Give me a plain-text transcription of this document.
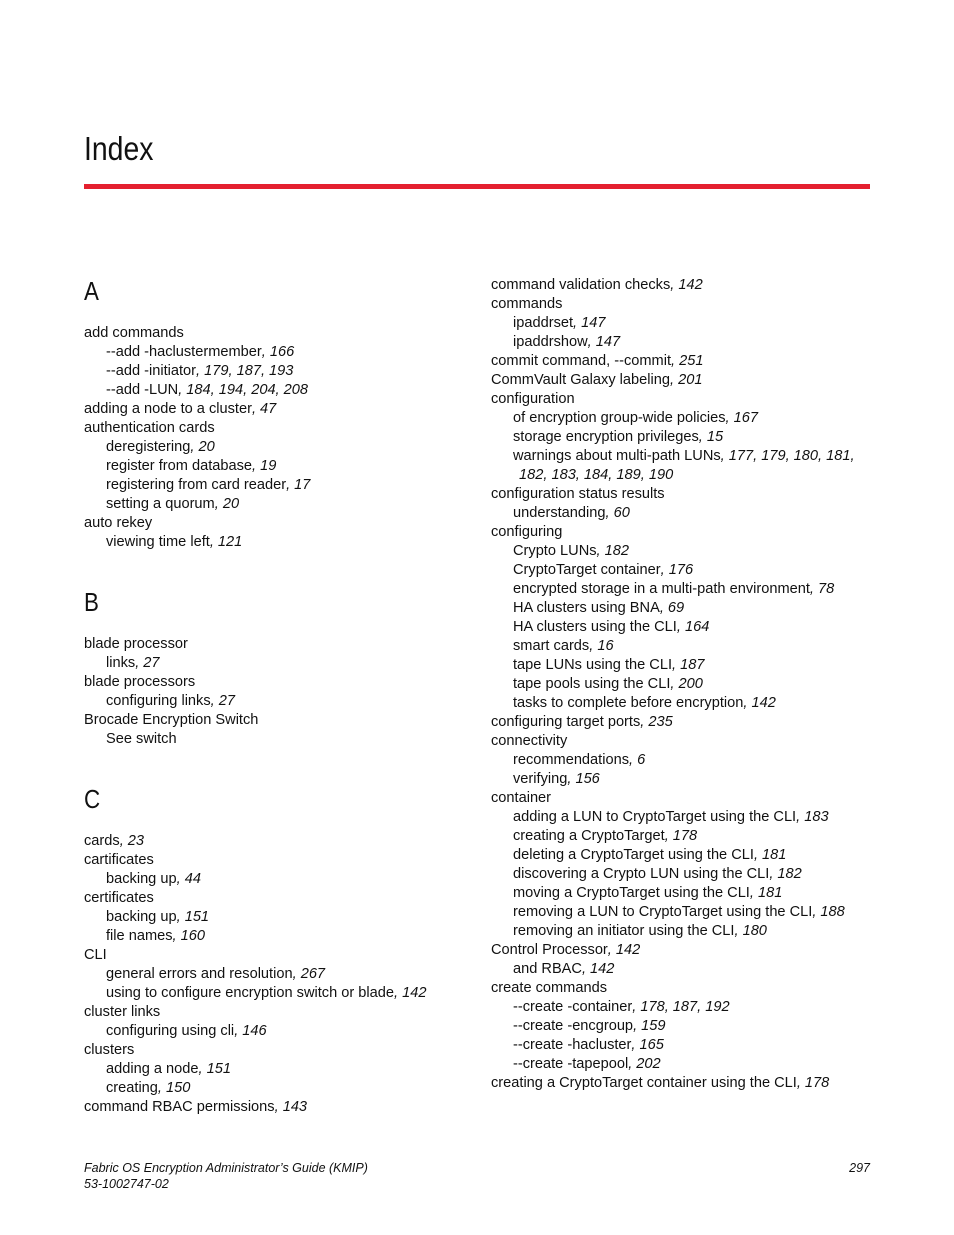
Index
A
add commands
--add -haclustermember, 166
--add -initiator, 179, 187, 193
--add -LUN, 184, 194, 204, 208
adding a node to a cluster, 47
authentication cards
deregistering, 20
register from database, 19
registering from card reader, 17
setting a quorum, 20
auto rekey
viewing time left, 121
B
blade processor
links, 27
blade processors
configuring links, 27
Brocade Encryption Switch
See switch
C
cards, 23
cartificates
backing up, 44
certificates
backing up, 151
file names, 160
CLI
general errors and resolution, 267
using to configure encryption switch or blade, 142
cluster links
configuring using cli, 146
clusters
adding a node, 151
creating, 150
command RBAC permissions, 143
command validation checks, 142
commands
ipaddrset, 147
ipaddrshow, 147
commit command, --commit, 251
CommVault Galaxy labeling, 201
configuration
of encryption group-wide policies, 167
storage encryption privileges, 15
warnings about multi-path LUNs, 177, 179, 180, 181,
182, 183, 184, 189, 190
configuration status results
understanding, 60
configuring
Crypto LUNs, 182
CryptoTarget container, 176
encrypted storage in a multi-path environment, 78
HA clusters using BNA, 69
HA clusters using the CLI, 164
smart cards, 16
tape LUNs using the CLI, 187
tape pools using the CLI, 200
tasks to complete before encryption, 142
configuring target ports, 235
connectivity
recommendations, 6
verifying, 156
container
adding a LUN to CryptoTarget using the CLI, 183
creating a CryptoTarget, 178
deleting a CryptoTarget using the CLI, 181
discovering a Crypto LUN using the CLI, 182
moving a CryptoTarget using the CLI, 181
removing a LUN to CryptoTarget using the CLI, 188
removing an initiator using the CLI, 180
Control Processor, 142
and RBAC, 142
create commands
--create -container, 178, 187, 192
--create -encgroup, 159
--create -hacluster, 165
--create -tapepool, 202
creating a CryptoTarget container using the CLI, 178
Fabric OS Encryption Administrator’s Guide (KMIP)
53-1002747-02
297
